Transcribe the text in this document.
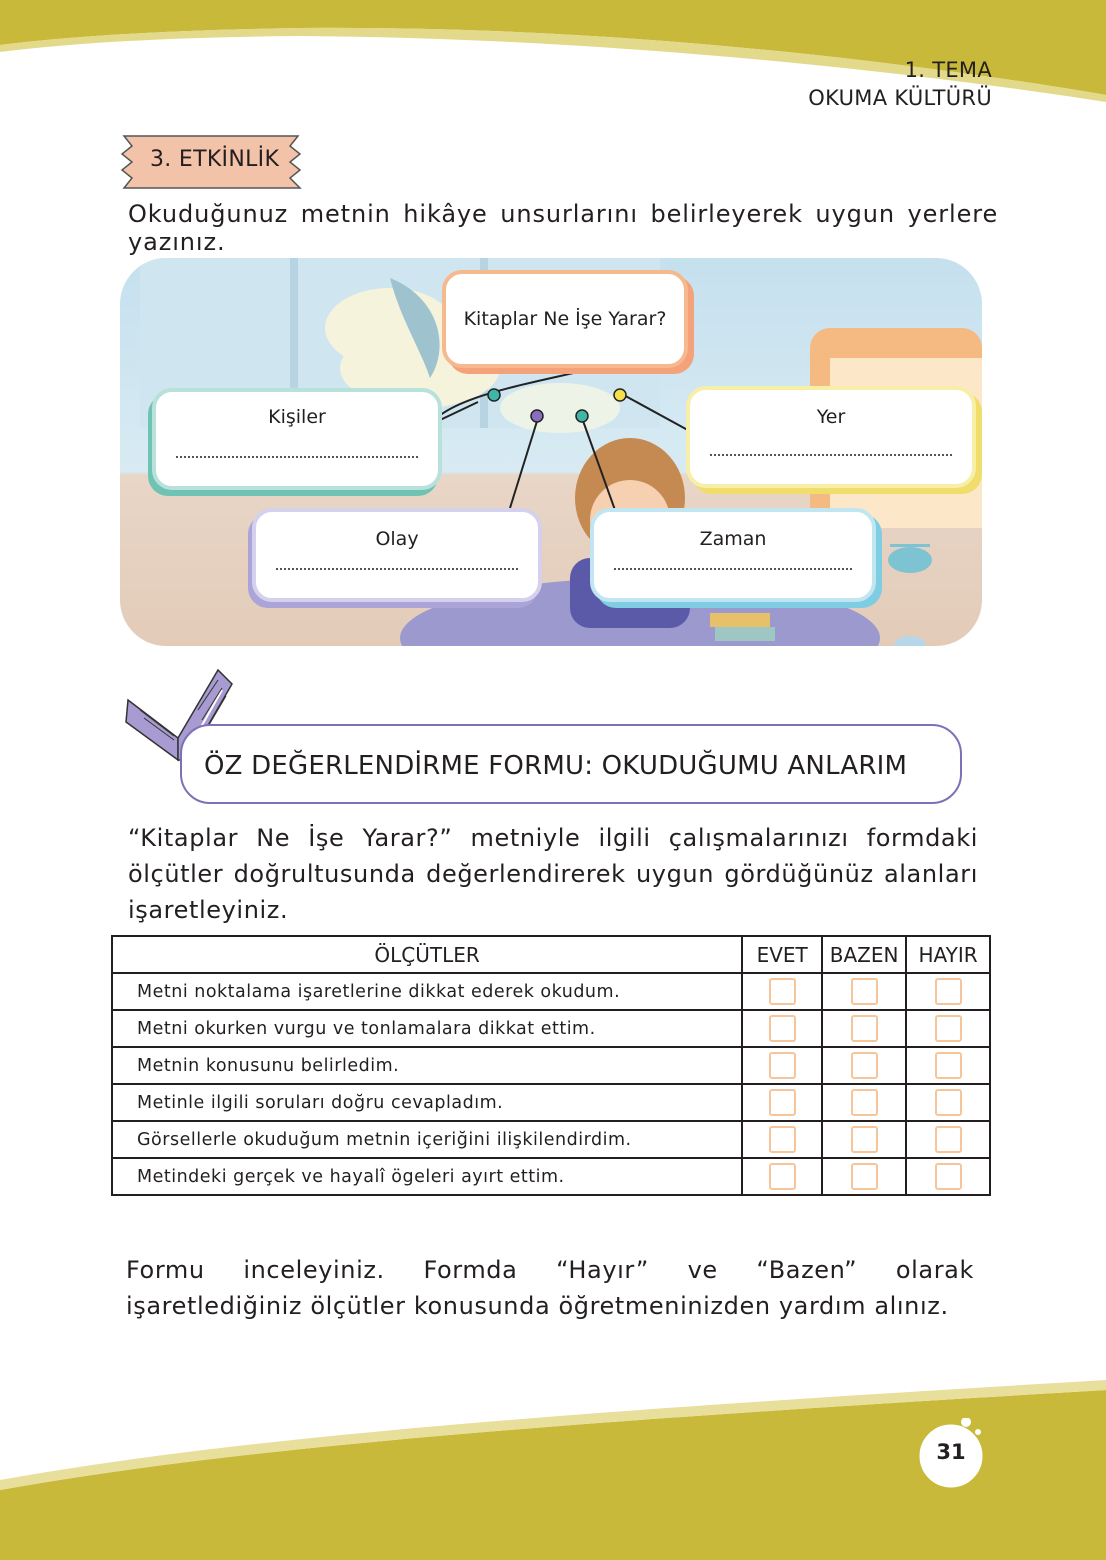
1. TEMA
OKUMA KÜLTÜRÜ
3. ETKİNLİK
Okuduğunuz metnin hikâye unsurlarını belirleyerek uygun yerlere yazınız.
Kitaplar Ne İşe Yarar?
Kişiler	Yer
Olay	Zaman
ÖZ DEĞERLENDİRME FORMU: OKUDUĞUMU ANLARIM
“Kitaplar Ne İşe Yarar?” metniyle ilgili çalışmalarınızı formdaki ölçütler doğrultusunda değerlendirerek uygun gördüğünüz alanları işaretleyiniz.
ÖLÇÜTLER	EVET	BAZEN	HAYIR
Metni noktalama işaretlerine dikkat ederek okudum.			
Metni okurken vurgu ve tonlamalara dikkat ettim.			
Metnin konusunu belirledim.			
Metinle ilgili soruları doğru cevapladım.			
Görsellerle okuduğum metnin içeriğini ilişkilendirdim.			
Metindeki gerçek ve hayalî ögeleri ayırt ettim.			
Formu inceleyiniz. Formda “Hayır” ve “Bazen” olarak işaretlediğiniz ölçütler konusunda öğretmeninizden yardım alınız.
31
